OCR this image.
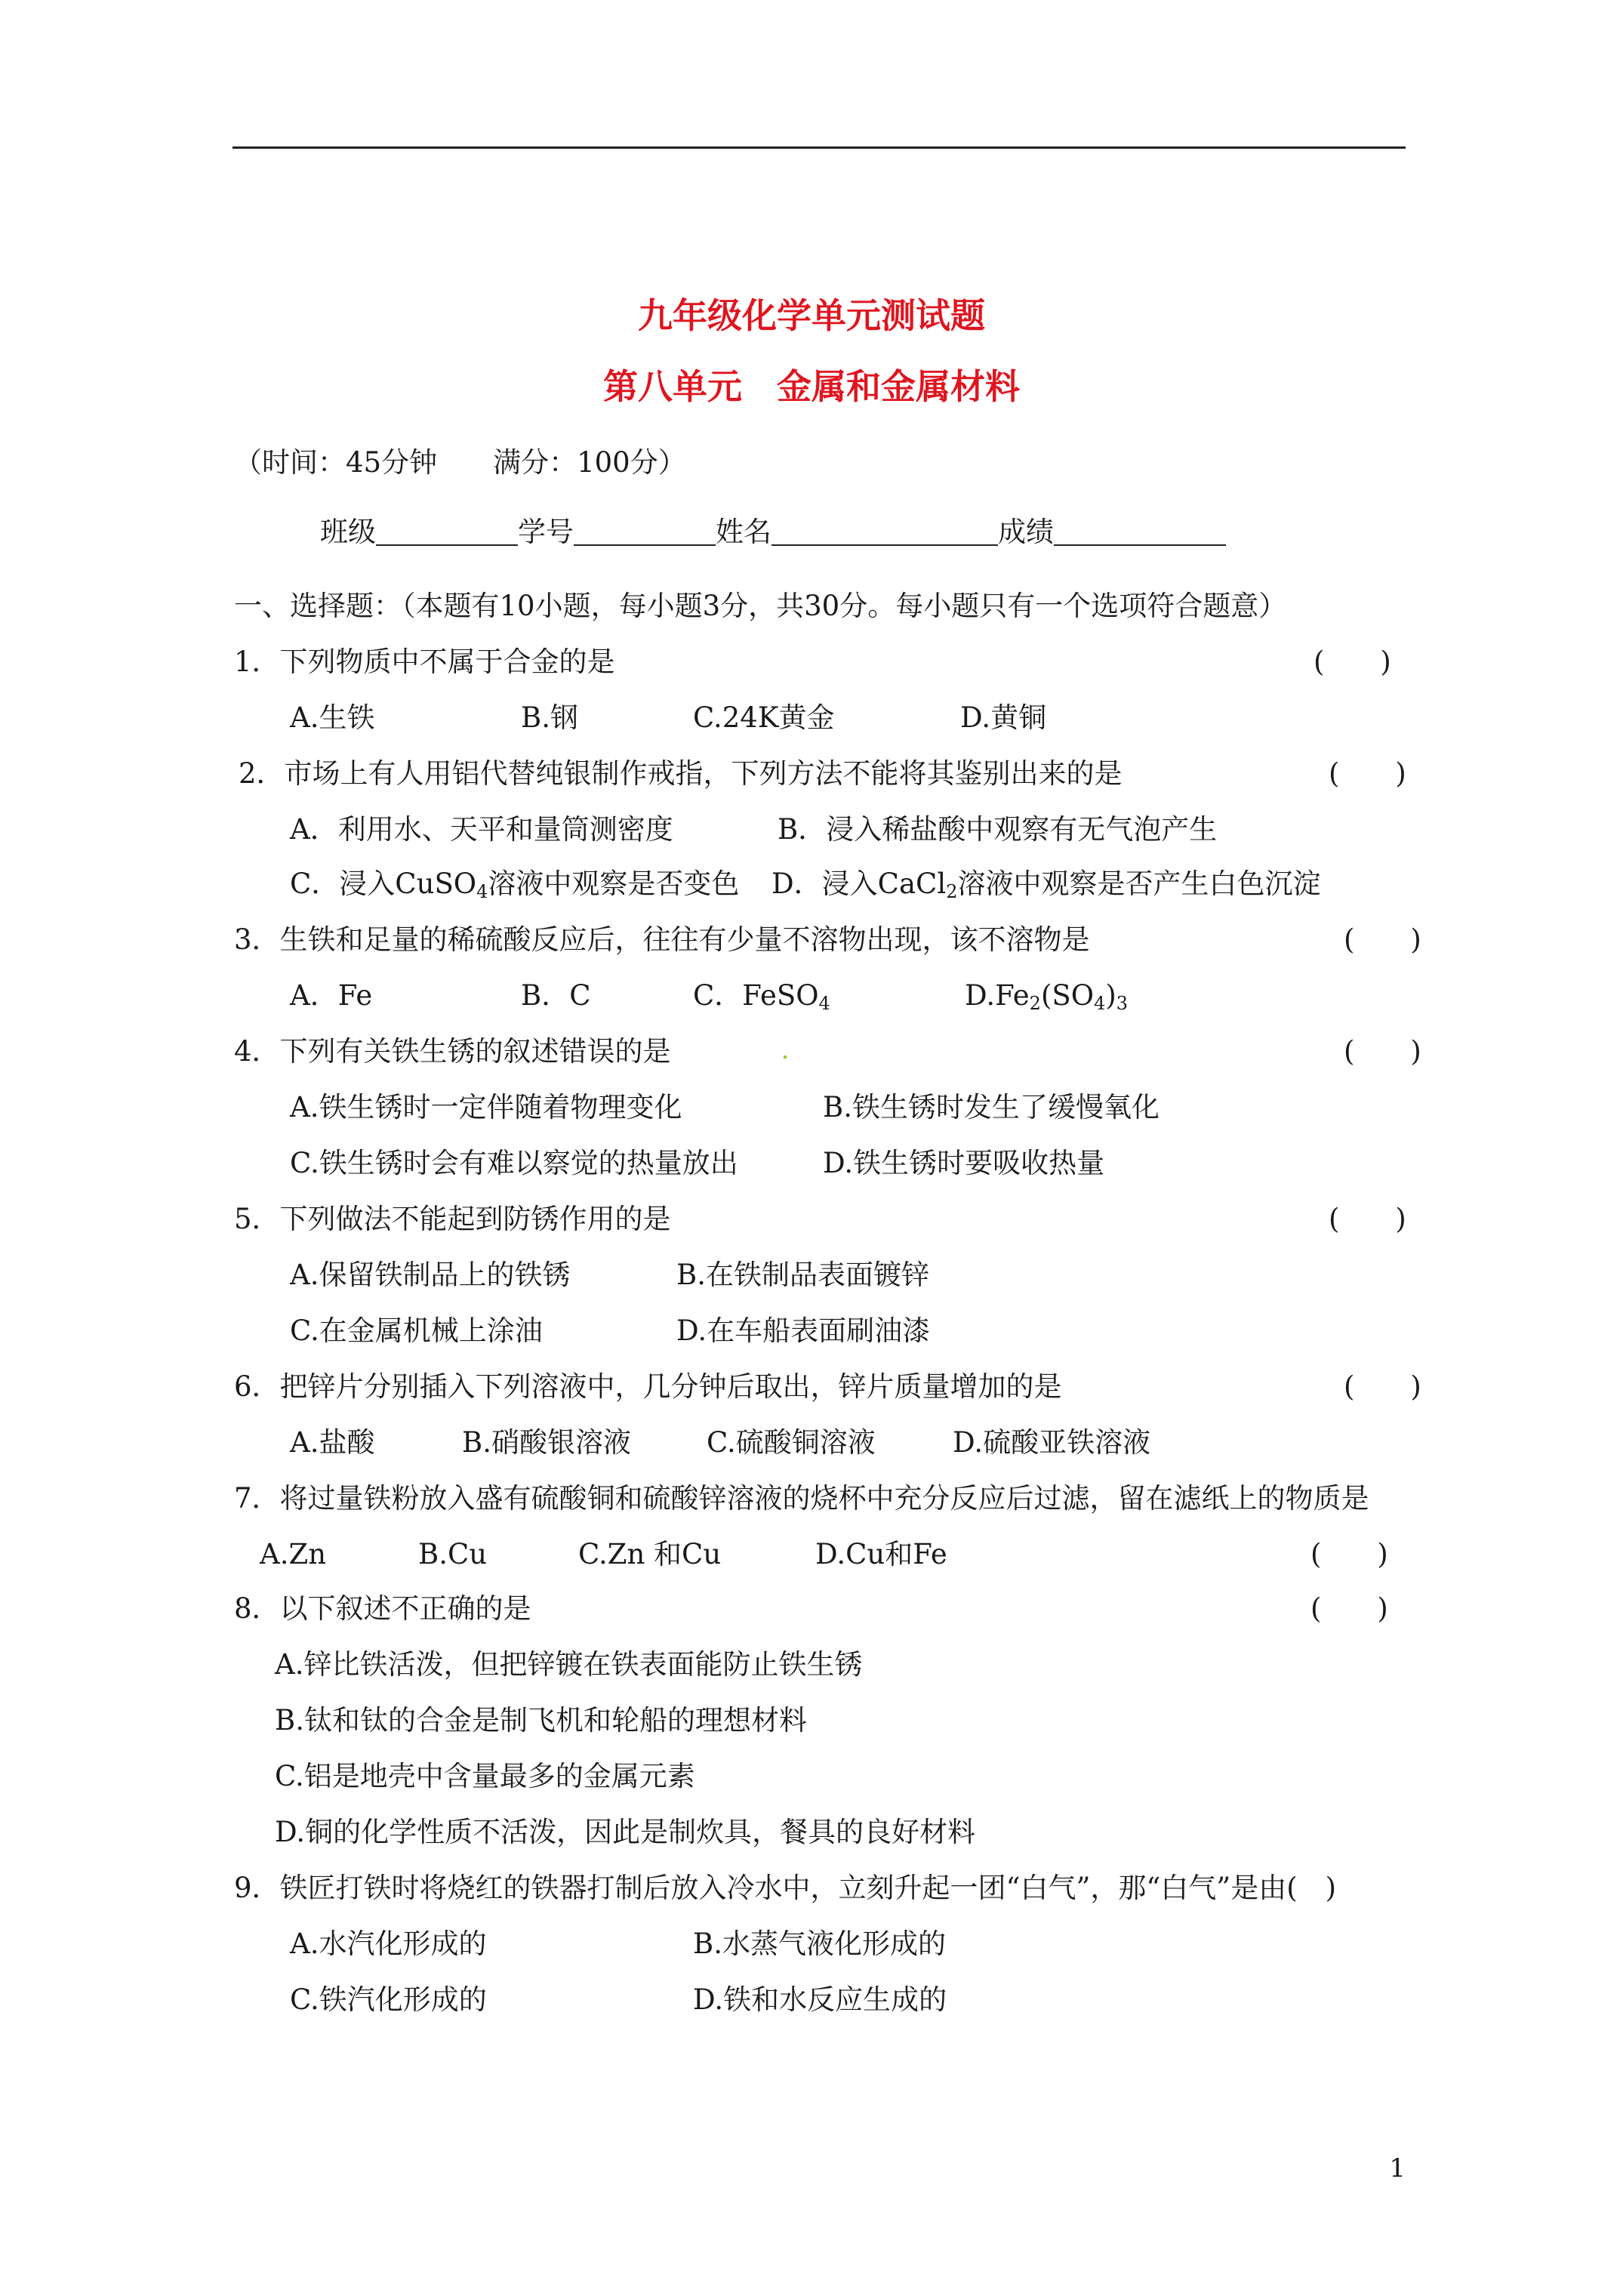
九年级化学单元测试题
第八单元　金属和金属材料
（时间：45分钟　　满分：100分）
班级	学号	姓名	成绩
一、选择题：（本题有10小题，每小题3分，共30分。每小题只有一个选项符合题意）
1．下列物质中不属于合金的是	(　　)
A.生铁	B.钢	C.24K黄金	D.黄铜
2．市场上有人用铝代替纯银制作戒指，下列方法不能将其鉴别出来的是	(　　)
A．利用水、天平和量筒测密度	B．浸入稀盐酸中观察有无气泡产生
C．浸入CuSO$_4$溶液中观察是否变色 D．浸入CaCl$_2$溶液中观察是否产生白色沉淀
3．生铁和足量的稀硫酸反应后，往往有少量不溶物出现，该不溶物是	(　　)
A．Fe	B．C	C．FeSO$_4$	$D.Fe_2(SO_4)_3$
4．下列有关铁生锈的叙述错误的是	(　　)
A.铁生锈时一定伴随着物理变化	B.铁生锈时发生了缓慢氧化
C.铁生锈时会有难以察觉的热量放出	D.铁生锈时要吸收热量
5．下列做法不能起到防锈作用的是	(　　)
A.保留铁制品上的铁锈	B.在铁制品表面镀锌
C.在金属机械上涂油	D.在车船表面刷油漆
6．把锌片分别插入下列溶液中，几分钟后取出，锌片质量增加的是	(　　)
A.盐酸	B.硝酸银溶液	C.硫酸铜溶液	D.硫酸亚铁溶液
7．将过量铁粉放入盛有硫酸铜和硫酸锌溶液的烧杯中充分反应后过滤，留在滤纸上的物质是
A.Zn	B.Cu	C.Zn 和Cu	D.Cu和Fe	(　　)
8．以下叙述不正确的是	(　　)
A.锌比铁活泼，但把锌镀在铁表面能防止铁生锈
B.钛和钛的合金是制飞机和轮船的理想材料
C.铝是地壳中含量最多的金属元素
D.铜的化学性质不活泼，因此是制炊具，餐具的良好材料
9．铁匠打铁时将烧红的铁器打制后放入冷水中，立刻升起一团“白气”，那“白气”是由(　)
A.水汽化形成的	B.水蒸气液化形成的
C.铁汽化形成的	D.铁和水反应生成的
1
